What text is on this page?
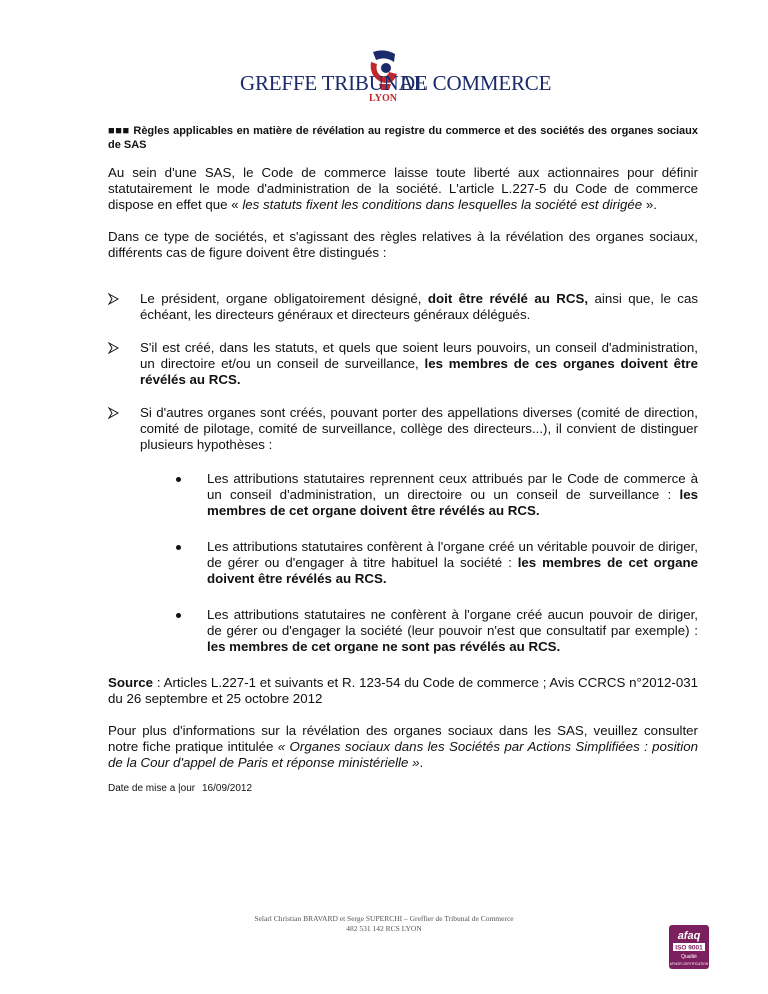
GREFFE TRIBUNAL
DE COMMERCE
LYON

■■■ Règles applicables en matière de révélation au registre du commerce et des sociétés des organes sociaux de SAS

Au sein d'une SAS, le Code de commerce laisse toute liberté aux actionnaires pour définir statutairement le mode d'administration de la société. L'article L.227-5 du Code de commerce dispose en effet que « les statuts fixent les conditions dans lesquelles la société est dirigée ».

Dans ce type de sociétés, et s'agissant des règles relatives à la révélation des organes sociaux, différents cas de figure doivent être distingués :

Le président, organe obligatoirement désigné, doit être révélé au RCS, ainsi que, le cas échéant, les directeurs généraux et directeurs généraux délégués.

S'il est créé, dans les statuts, et quels que soient leurs pouvoirs, un conseil d'administration, un directoire et/ou un conseil de surveillance, les membres de ces organes doivent être révélés au RCS.

Si d'autres organes sont créés, pouvant porter des appellations diverses (comité de direction, comité de pilotage, comité de surveillance, collège des directeurs...), il convient de distinguer plusieurs hypothèses :

Les attributions statutaires reprennent ceux attribués par le Code de commerce à un conseil d'administration, un directoire ou un conseil de surveillance : les membres de cet organe doivent être révélés au RCS.

Les attributions statutaires confèrent à l'organe créé un véritable pouvoir de diriger, de gérer ou d'engager à titre habituel la société : les membres de cet organe doivent être révélés au RCS.

Les attributions statutaires ne confèrent à l'organe créé aucun pouvoir de diriger, de gérer ou d'engager la société (leur pouvoir n'est que consultatif par exemple) : les membres de cet organe ne sont pas révélés au RCS.

Source : Articles L.227-1 et suivants et R. 123-54 du Code de commerce ; Avis CCRCS n°2012-031 du 26 septembre et 25 octobre 2012

Pour plus d'informations sur la révélation des organes sociaux dans les SAS, veuillez consulter notre fiche pratique intitulée « Organes sociaux dans les Sociétés par Actions Simplifiées : position de la Cour d'appel de Paris et réponse ministérielle ».

Date de mise a |our 16/09/2012
Selarl Christian BRAVARD et Serge SUPERCHI – Greffier de Tribunal de Commerce
482 531 142 RCS LYON
afaq
ISO 9001
Qualité
AFNOR CERTIFICATION
